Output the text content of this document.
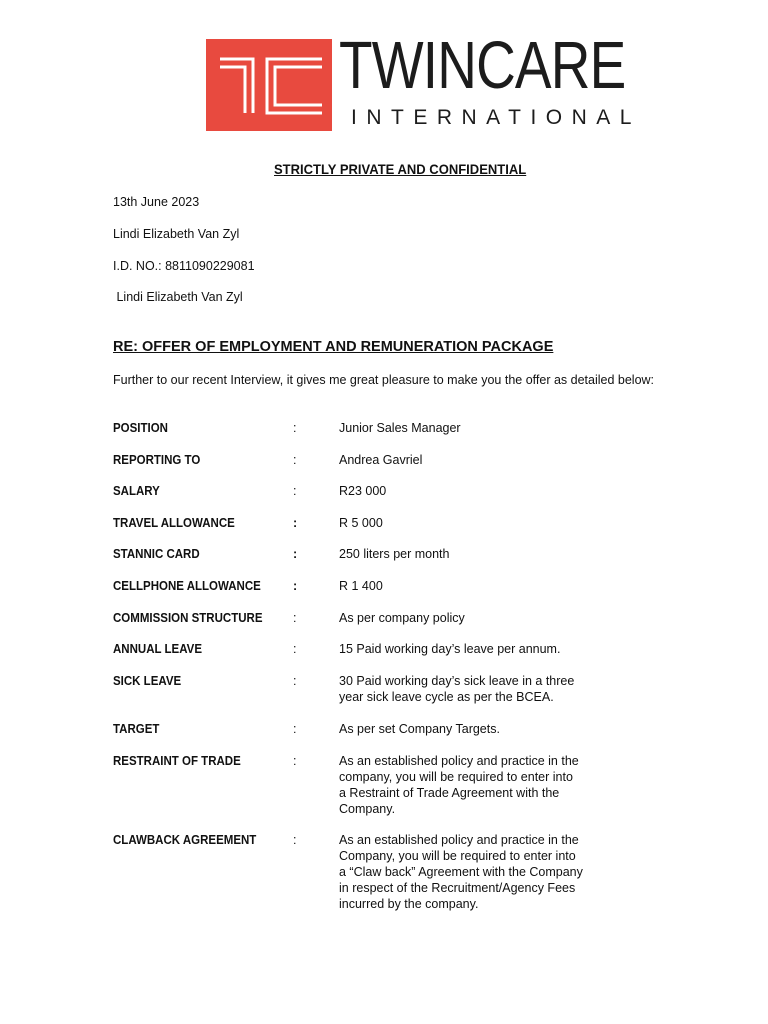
TWINCARE
INTERNATIONAL
STRICTLY PRIVATE AND CONFIDENTIAL
13th June 2023
Lindi Elizabeth Van Zyl
I.D. NO.: 8811090229081
Lindi Elizabeth Van Zyl
RE: OFFER OF EMPLOYMENT AND REMUNERATION PACKAGE
Further to our recent Interview, it gives me great pleasure to make you the offer as detailed below:
POSITION	:	Junior Sales Manager
REPORTING TO	:	Andrea Gavriel
SALARY	:	R23 000
TRAVEL ALLOWANCE	:	R 5 000
STANNIC CARD	:	250 liters per month
CELLPHONE ALLOWANCE	:	R 1 400
COMMISSION STRUCTURE :	As per company policy
ANNUAL LEAVE	:	15 Paid working day’s leave per annum.
SICK LEAVE	:	30 Paid working day’s sick leave in a three
year sick leave cycle as per the BCEA.
TARGET	:	As per set Company Targets.
RESTRAINT OF TRADE	:	As an established policy and practice in the
company, you will be required to enter into
a Restraint of Trade Agreement with the
Company.
CLAWBACK AGREEMENT	:	As an established policy and practice in the
Company, you will be required to enter into
a “Claw back” Agreement with the Company
in respect of the Recruitment/Agency Fees
incurred by the company.
